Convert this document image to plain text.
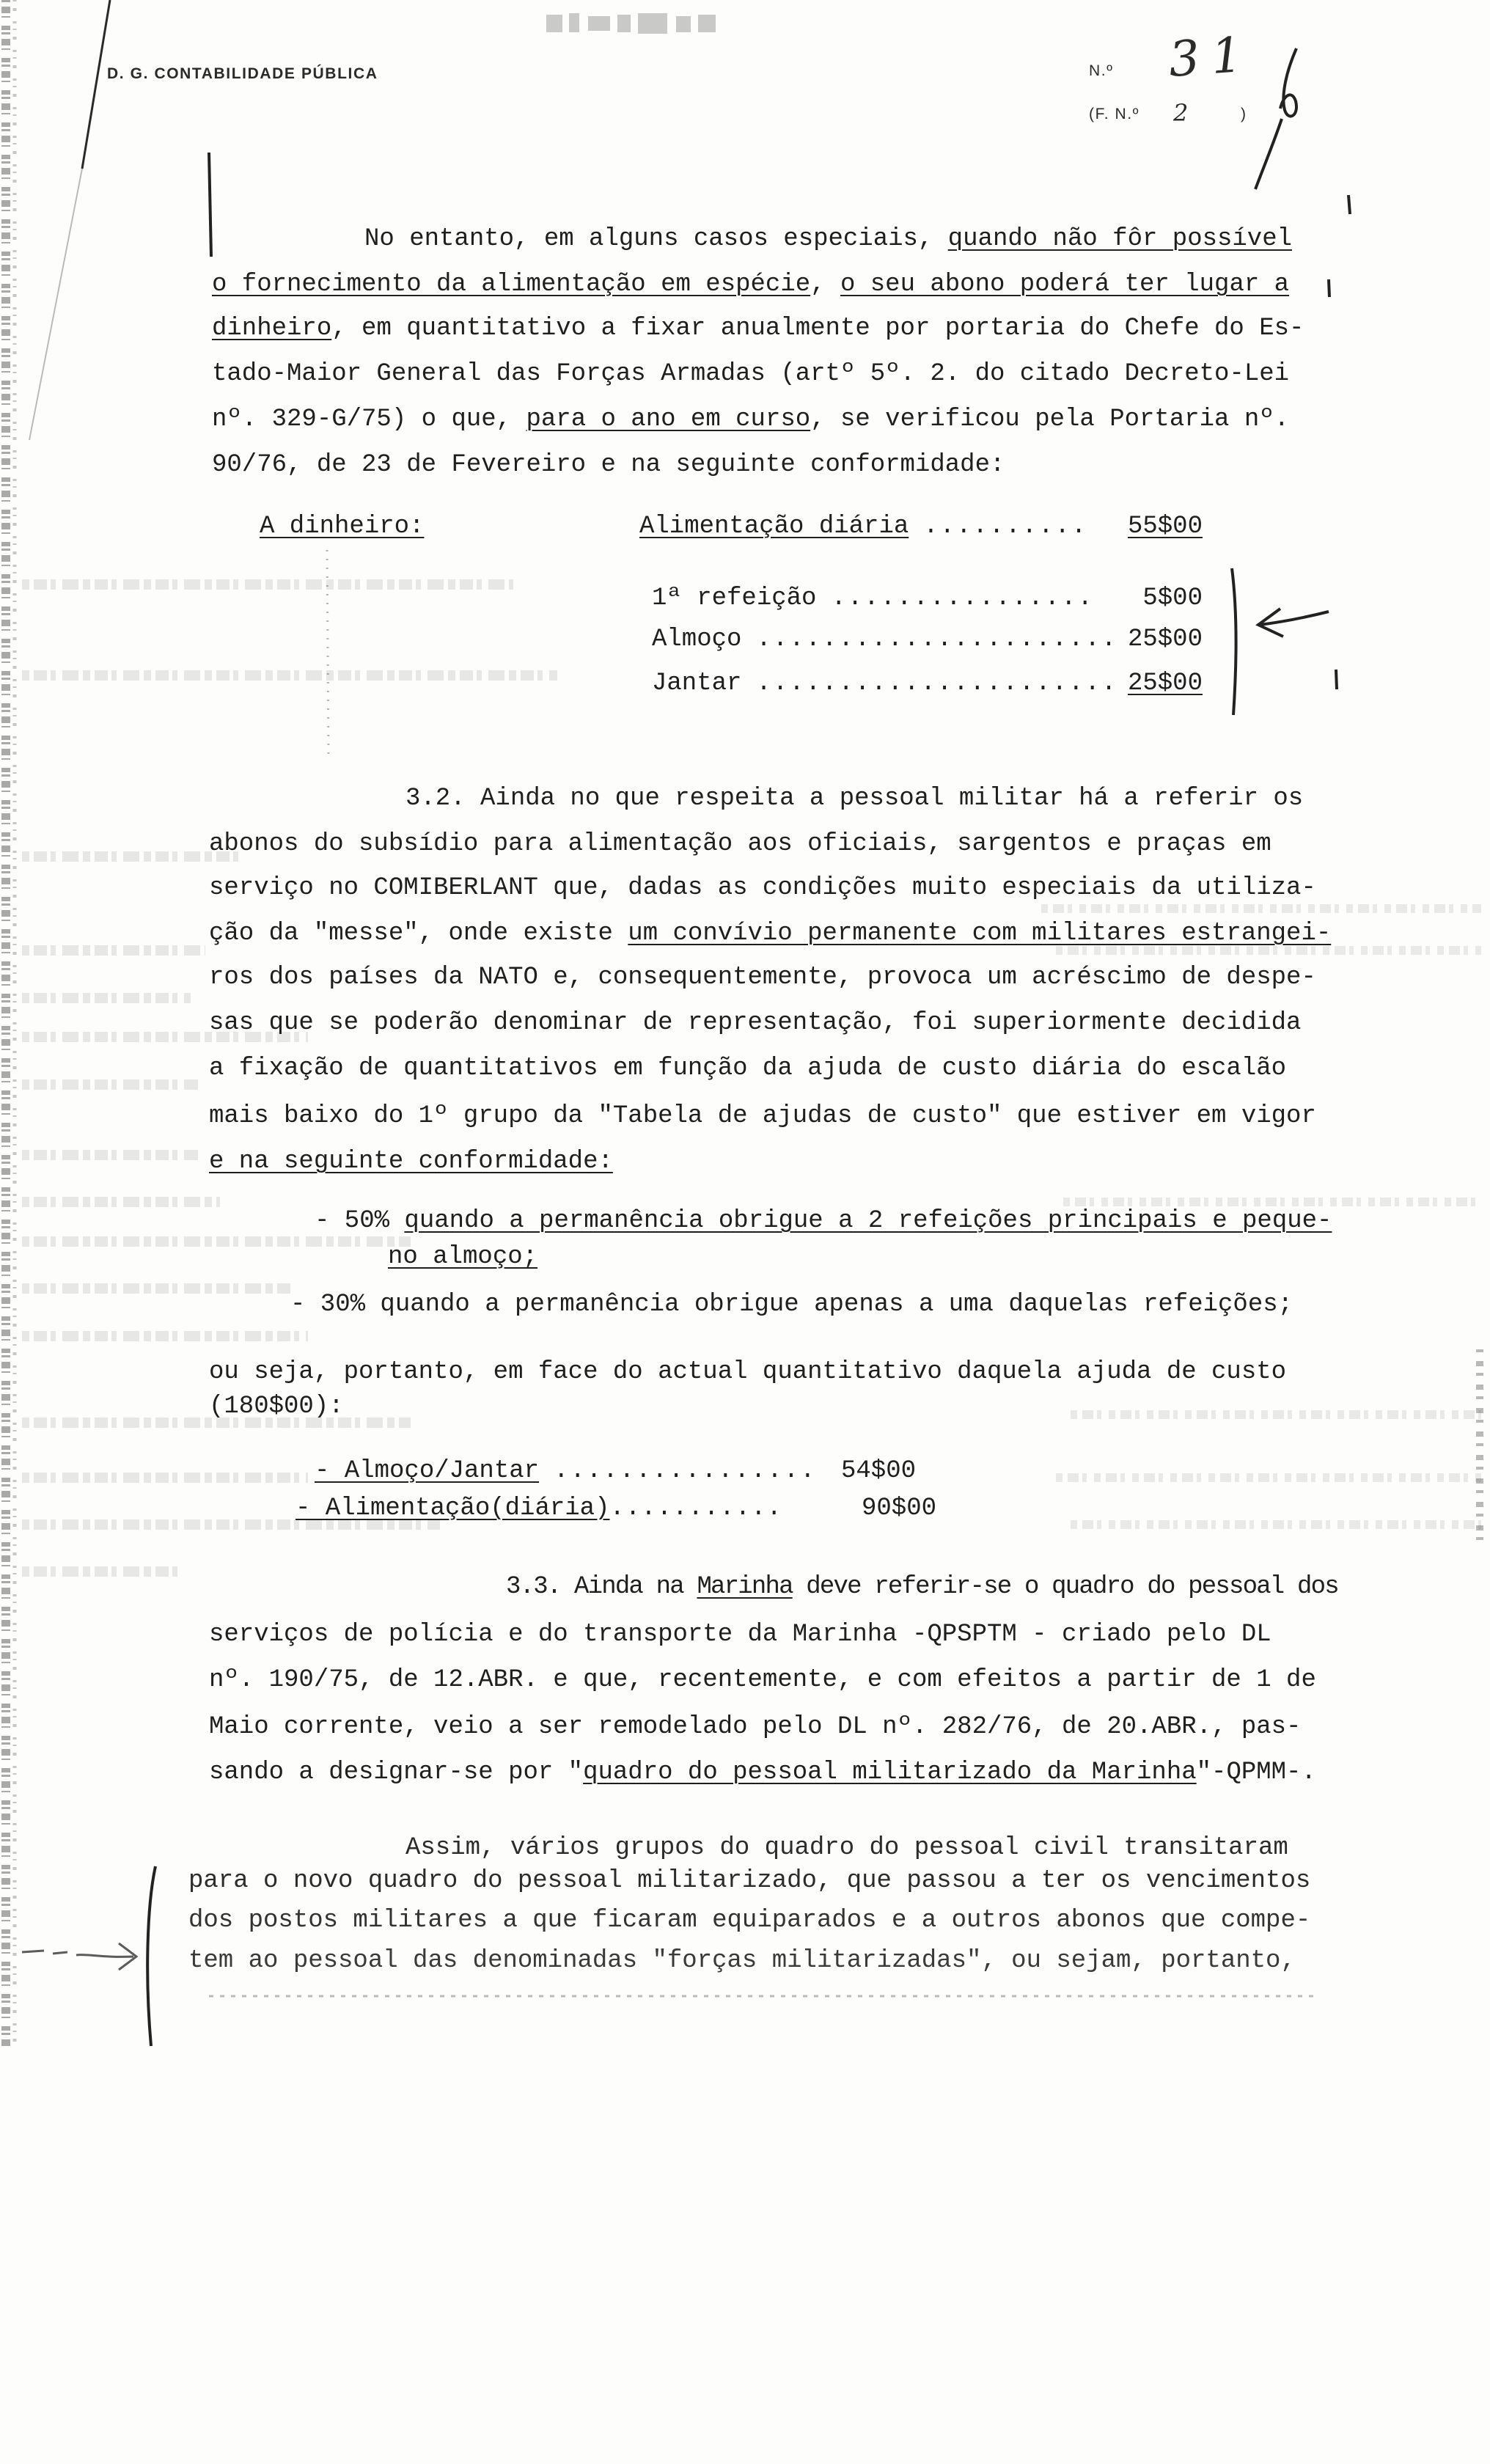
D. G. CONTABILIDADE PÚBLICA	N.º 31
(F. N.º 2	)
No entanto, em alguns casos especiais, quando não fôr possível
o fornecimento da alimentação em espécie, o seu abono poderá ter lugar a
dinheiro, em quantitativo a fixar anualmente por portaria do Chefe do Es-
tado-Maior General das Forças Armadas (artº 5º. 2. do citado Decreto-Lei
nº. 329-G/75) o que, para o ano em curso, se verificou pela Portaria nº.
90/76, de 23 de Fevereiro e na seguinte conformidade:
A dinheiro:	Alimentação diária ..........	55$00
1ª refeição ................	5$00
Almoço ...................... 25$00
Jantar ...................... 25$00
3.2. Ainda no que respeita a pessoal militar há a referir os
abonos do subsídio para alimentação aos oficiais, sargentos e praças em
serviço no COMIBERLANT que, dadas as condições muito especiais da utiliza-
ção da "messe", onde existe um convívio permanente com militares estrangei-
ros dos países da NATO e, consequentemente, provoca um acréscimo de despe-
sas que se poderão denominar de representação, foi superiormente decidida
a fixação de quantitativos em função da ajuda de custo diária do escalão
mais baixo do 1º grupo da "Tabela de ajudas de custo" que estiver em vigor
e na seguinte conformidade:
- 50% quando a permanência obrigue a 2 refeições principais e peque-
no almoço;
- 30% quando a permanência obrigue apenas a uma daquelas refeições;
ou seja, portanto, em face do actual quantitativo daquela ajuda de custo
(180$00):
- Almoço/Jantar ................ 54$00
- Alimentação(diária)...........	90$00
3.3. Ainda na Marinha deve referir-se o quadro do pessoal dos
serviços de polícia e do transporte da Marinha -QPSPTM - criado pelo DL
nº. 190/75, de 12.ABR. e que, recentemente, e com efeitos a partir de 1 de
Maio corrente, veio a ser remodelado pelo DL nº. 282/76, de 20.ABR., pas-
sando a designar-se por "quadro do pessoal militarizado da Marinha"-QPMM-.
Assim, vários grupos do quadro do pessoal civil transitaram
para o novo quadro do pessoal militarizado, que passou a ter os vencimentos
dos postos militares a que ficaram equiparados e a outros abonos que compe-
tem ao pessoal das denominadas "forças militarizadas", ou sejam, portanto,
